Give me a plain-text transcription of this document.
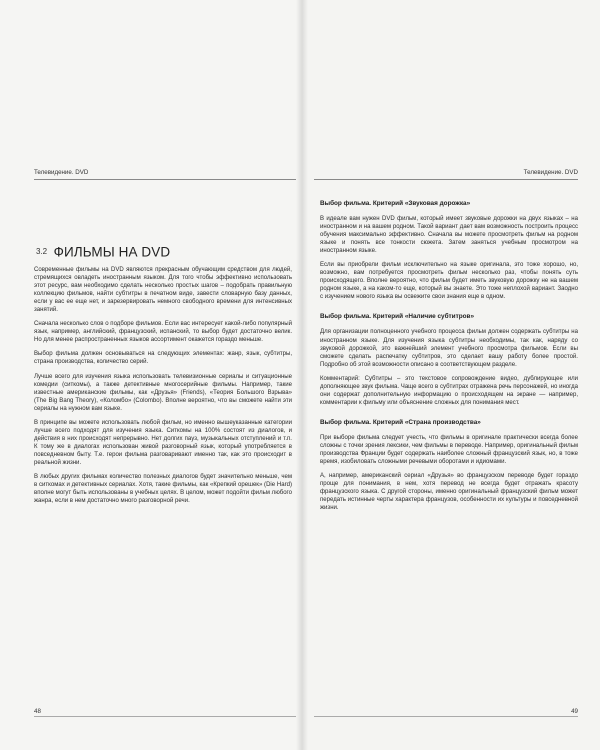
Телевидение. DVD
3.2 ФИЛЬМЫ НА DVD

Современные фильмы на DVD являются прекрасным обучающим средством для людей, стремящихся овладеть иностранным языком. Для того чтобы эффективно использовать этот ресурс, вам необходимо сделать несколько простых шагов – подобрать правильную коллекцию фильмов, найти субтитры в печатном виде, завести словарную базу данных, если у вас ее еще нет, и зарезервировать немного свободного времени для интенсивных занятий.

Сначала несколько слов о подборе фильмов. Если вас интересует какой-либо популярный язык, например, английский, французский, испанский, то выбор будет достаточно велик. Но для менее распространенных языков ассортимент окажется гораздо меньше.

Выбор фильма должен основываться на следующих элементах: жанр, язык, субтитры, страна производства, количество серий.

Лучше всего для изучения языка использовать телевизионные сериалы и ситуационные комедии (ситкомы), а также детективные многосерийные фильмы. Например, такие известные американские фильмы, как «Друзья» (Friends), «Теория Большого Взрыва» (The Big Bang Theory), «Коломбо» (Colombo). Вполне вероятно, что вы сможете найти эти сериалы на нужном вам языке.

В принципе вы можете использовать любой фильм, но именно вышеуказанные категории лучше всего подходят для изучения языка. Ситкомы на 100% состоят из диалогов, и действия в них происходят непрерывно. Нет долгих пауз, музыкальных отступлений и т.п. К тому же в диалогах использован живой разговорный язык, который употребляется в повседневном быту. Т.е. герои фильма разговаривают именно так, как это происходит в реальной жизни.

В любых других фильмах количество полезных диалогов будет значительно меньше, чем в ситкомах и детективных сериалах. Хотя, такие фильмы, как «Крепкий орешек» (Die Hard) вполне могут быть использованы в учебных целях. В целом, может подойти фильм любого жанра, если в нем достаточно много разговорной речи.

48
Телевидение. DVD
Выбор фильма. Критерий «Звуковая дорожка»

В идеале вам нужен DVD фильм, который имеет звуковые дорожки на двух языках – на иностранном и на вашем родном. Такой вариант дает вам возможность построить процесс обучения максимально эффективно. Сначала вы можете просмотреть фильм на родном языке и понять все тонкости сюжета. Затем заняться учебным просмотром на иностранном языке.

Если вы приобрели фильм исключительно на языке оригинала, это тоже хорошо, но, возможно, вам потребуется просмотреть фильм несколько раз, чтобы понять суть происходящего. Вполне вероятно, что фильм будет иметь звуковую дорожку не на вашем родном языке, а на каком-то еще, который вы знаете. Это тоже неплохой вариант. Заодно с изучением нового языка вы освежите свои знания еще в одном.

Выбор фильма. Критерий «Наличие субтитров»

Для организации полноценного учебного процесса фильм должен содержать субтитры на иностранном языке. Для изучения языка субтитры необходимы, так как, наряду со звуковой дорожкой, это важнейший элемент учебного просмотра фильмов. Если вы сможете сделать распечатку субтитров, это сделает вашу работу более простой. Подробно об этой возможности описано в соответствующем разделе.

Комментарий: Субтитры – это текстовое сопровождение видео, дублирующее или дополняющее звук фильма. Чаще всего в субтитрах отражена речь персонажей, но иногда они содержат дополнительную информацию о происходящем на экране — например, комментарии к фильму или объяснение сложных для понимания мест.

Выбор фильма. Критерий «Страна производства»

При выборе фильма следует учесть, что фильмы в оригинале практически всегда более сложны с точки зрения лексики, чем фильмы в переводе. Например, оригинальный фильм производства Франции будет содержать наиболее сложный французский язык, но, в тоже время, изобиловать сложными речевыми оборотами и идиомами.

А, например, американский сериал «Друзья» во французском переводе будет гораздо проще для понимания, в нем, хотя перевод не всегда будет отражать красоту французского языка. С другой стороны, именно оригинальный французский фильм может передать истинные черты характера французов, особенности их культуры и повседневной жизни.

49
